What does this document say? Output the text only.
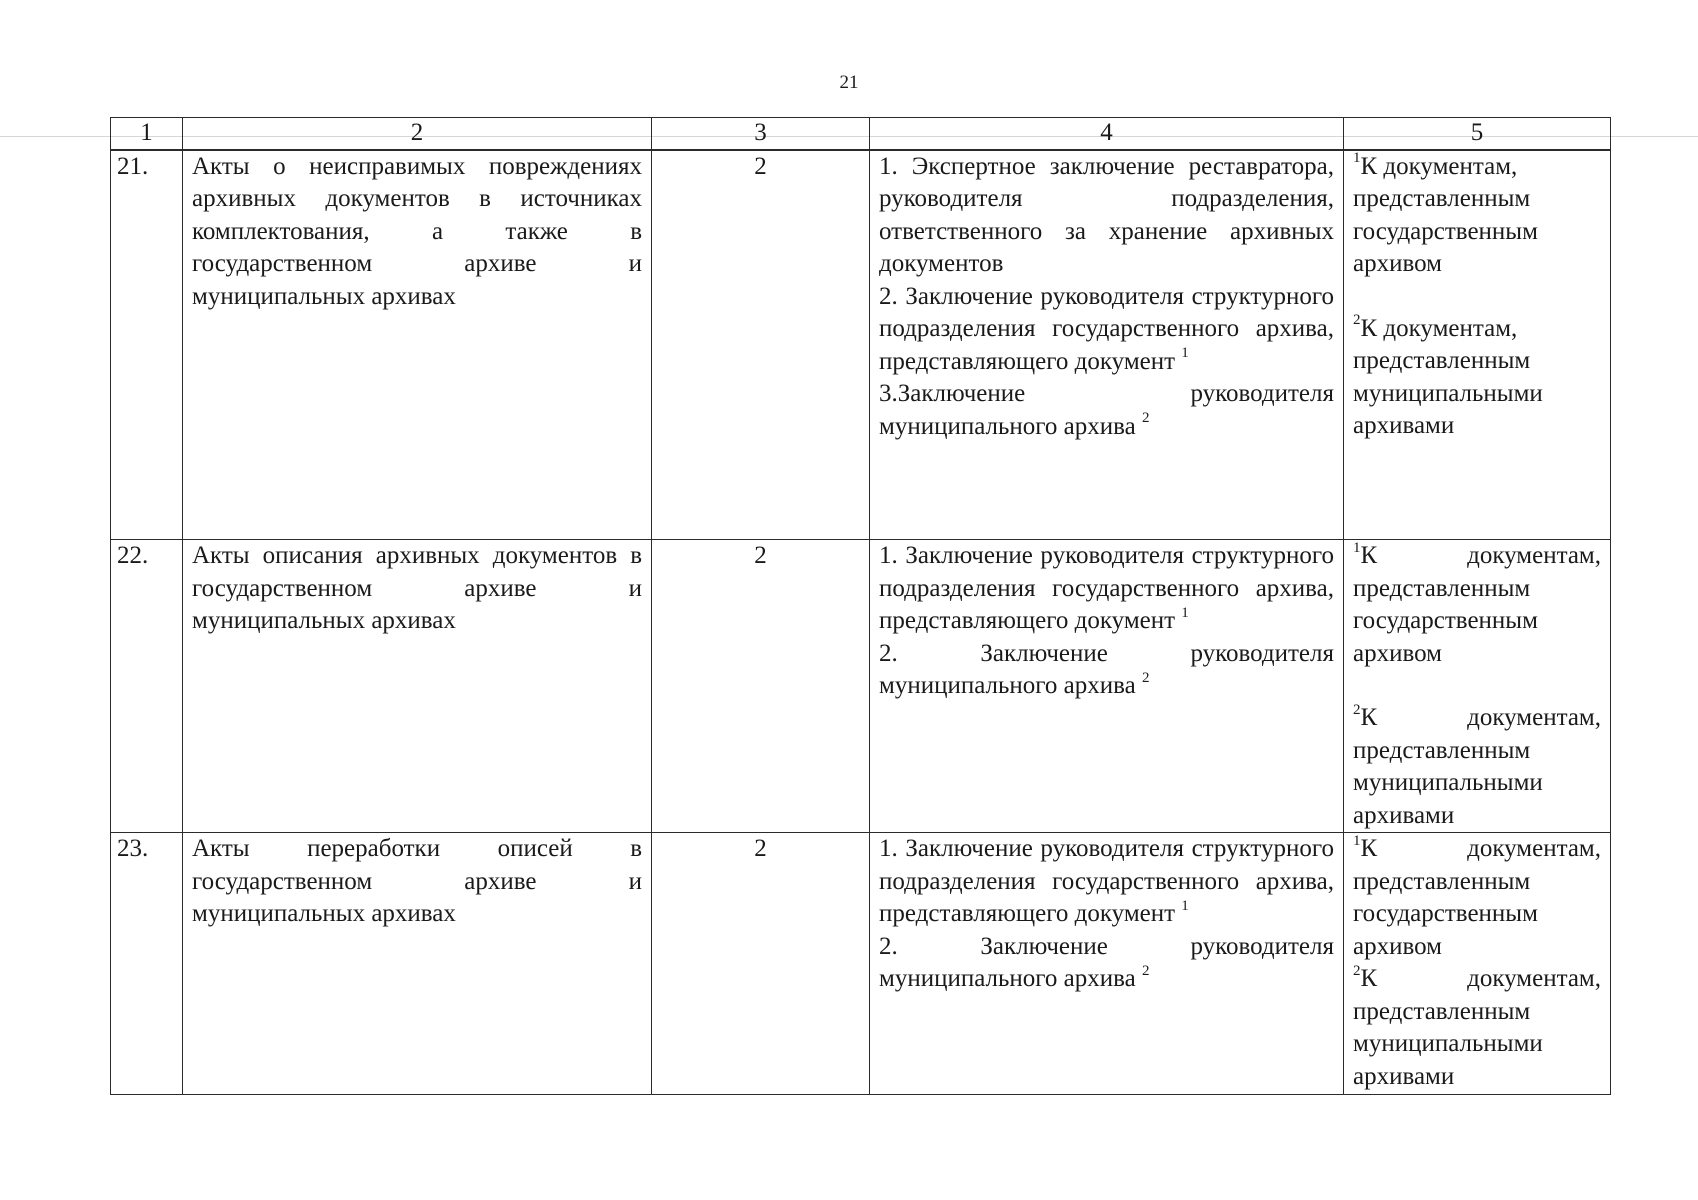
21
1	2	3	4	5
21.	Акты о неисправимых повреждениях архивных документов в источниках комплектования, а также в государственном архиве и муниципальных архивах	2	1. Экспертное заключение реставратора, руководителя подразделения, ответственного за хранение архивных документов
2. Заключение руководителя структурного подразделения государственного архива, представляющего документ $^1$
3.Заключение руководителя муниципального архива $^2$	$^1$К документам, представленным государственным архивом
$^2$К документам, представленным муниципальными архивами

22.	Акты описания архивных документов в государственном архиве и муниципальных архивах	2	1. Заключение руководителя структурного подразделения государственного архива, представляющего документ $^1$
2. Заключение руководителя муниципального архива $^2$	$^1$К документам, представленным государственным архивом
$^2$К документам, представленным муниципальными архивами

23.	Акты переработки описей в государственном архиве и муниципальных архивах	2	1. Заключение руководителя структурного подразделения государственного архива, представляющего документ $^1$
2. Заключение руководителя муниципального архива $^2$	$^1$К документам, представленным государственным архивом
$^2$К документам, представленным муниципальными архивами
